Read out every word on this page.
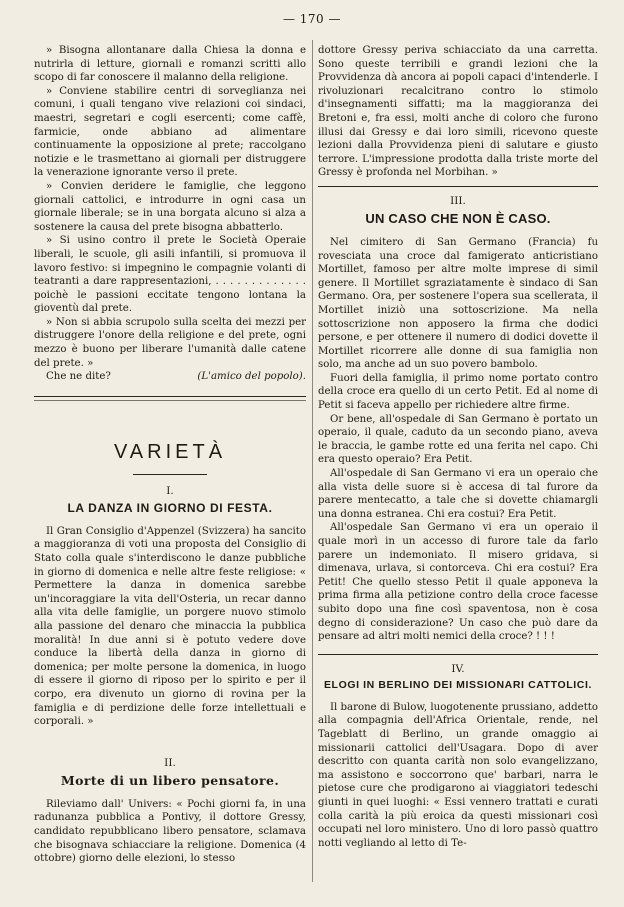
— 170 —

» Bisogna allontanare dalla Chiesa la donna e nutrirla di letture, giornali e romanzi scritti allo scopo di far conoscere il malanno della religione.

» Conviene stabilire centri di sorveglianza nei comuni, i quali tengano vive relazioni coi sindaci, maestri, segretari e cogli esercenti; come caffè, farmicie, onde abbiano ad alimentare continuamente la opposizione al prete; raccolgano notizie e le trasmettano ai giornali per distruggere la venerazione ignorante verso il prete.

» Convien deridere le famiglie, che leggono giornali cattolici, e introdurre in ogni casa un giornale liberale; se in una borgata alcuno si alza a sostenere la causa del prete bisogna abbatterlo.

» Si usino contro il prete le Società Operaie liberali, le scuole, gli asili infantili, si promuova il lavoro festivo: si impegnino le compagnie volanti di teatranti a dare rappresentazioni, . . . . . . . . . . . . . poichè le passioni eccitate tengono lontana la gioventù dal prete.

» Non si abbia scrupolo sulla scelta dei mezzi per distruggere l'onore della religione e del prete, ogni mezzo è buono per liberare l'umanità dalle catene del prete. »

Che ne dite?	(L'amico del popolo).

VARIETÀ
I.
LA DANZA IN GIORNO DI FESTA.

Il Gran Consiglio d'Appenzel (Svizzera) ha sancito a maggioranza di voti una proposta del Consiglio di Stato colla quale s'interdiscono le danze pubbliche in giorno di domenica e nelle altre feste religiose: « Permettere la danza in domenica sarebbe un'incoraggiare la vita dell'Osteria, un recar danno alla vita delle famiglie, un porgere nuovo stimolo alla passione del denaro che minaccia la pubblica moralità! In due anni si è potuto vedere dove conduce la libertà della danza in giorno di domenica; per molte persone la domenica, in luogo di essere il giorno di riposo per lo spirito e per il corpo, era divenuto un giorno di rovina per la famiglia e di perdizione delle forze intellettuali e corporali. »

II.
Morte di un libero pensatore.

Rileviamo dall' Univers: « Pochi giorni fa, in una radunanza pubblica a Pontivy, il dottore Gressy, candidato repubblicano libero pensatore, sclamava che bisognava schiacciare la religione. Domenica (4 ottobre) giorno delle elezioni, lo stesso

dottore Gressy periva schiacciato da una carretta. Sono queste terribili e grandi lezioni che la Provvidenza dà ancora ai popoli capaci d'intenderle. I rivoluzionari recalcitrano contro lo stimolo d'insegnamenti siffatti; ma la maggioranza dei Bretoni e, fra essi, molti anche di coloro che furono illusi dai Gressy e dai loro simili, ricevono queste lezioni dalla Provvidenza pieni di salutare e giusto terrore. L'impressione prodotta dalla triste morte del Gressy è profonda nel Morbihan. »

III.
UN CASO CHE NON È CASO.

Nel cimitero di San Germano (Francia) fu rovesciata una croce dal famigerato anticristiano Mortillet, famoso per altre molte imprese di simil genere. Il Mortillet sgraziatamente è sindaco di San Germano. Ora, per sostenere l'opera sua scellerata, il Mortillet iniziò una sottoscrizione. Ma nella sottoscrizione non apposero la firma che dodici persone, e per ottenere il numero di dodici dovette il Mortillet ricorrere alle donne di sua famiglia non solo, ma anche ad un suo povero bambolo.

Fuori della famiglia, il primo nome portato contro della croce era quello di un certo Petit. Ed al nome di Petit si faceva appello per richiedere altre firme.

Or bene, all'ospedale di San Germano è portato un operaio, il quale, caduto da un secondo piano, aveva le braccia, le gambe rotte ed una ferita nel capo. Chi era questo operaio? Era Petit.

All'ospedale di San Germano vi era un operaio che alla vista delle suore si è accesa di tal furore da parere mentecatto, a tale che si dovette chiamargli una donna estranea. Chi era costui? Era Petit.

All'ospedale San Germano vi era un operaio il quale morì in un accesso di furore tale da farlo parere un indemoniato. Il misero gridava, si dimenava, urlava, si contorceva. Chi era costui? Era Petit! Che quello stesso Petit il quale apponeva la prima firma alla petizione contro della croce facesse subito dopo una fine così spaventosa, non è cosa degno di considerazione? Un caso che può dare da pensare ad altri molti nemici della croce? ! ! !

IV.
ELOGI IN BERLINO DEI MISSIONARI CATTOLICI.

Il barone di Bulow, luogotenente prussiano, addetto alla compagnia dell'Africa Orientale, rende, nel Tageblatt di Berlino, un grande omaggio ai missionarii cattolici dell'Usagara. Dopo di aver descritto con quanta carità non solo evangelizzano, ma assistono e soccorrono que' barbari, narra le pietose cure che prodigarono ai viaggiatori tedeschi giunti in quei luoghi: « Essi vennero trattati e curati colla carità la più eroica da questi missionari così occupati nel loro ministero. Uno di loro passò quattro notti vegliando al letto di Te-
